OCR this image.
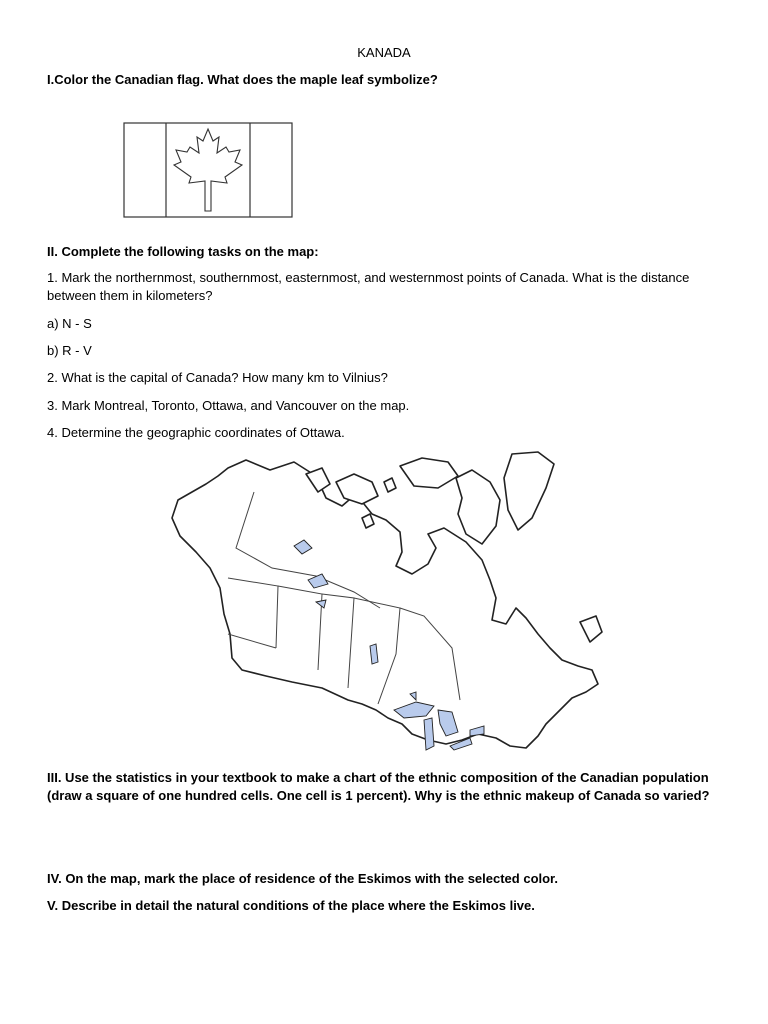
KANADA
I.Color the Canadian flag. What does the maple leaf symbolize?
II. Complete the following tasks on the map:
1. Mark the northernmost, southernmost, easternmost, and westernmost points of Canada. What is the distance between them in kilometers?
a) N - S
b) R - V
2. What is the capital of Canada? How many km to Vilnius?
3. Mark Montreal, Toronto, Ottawa, and Vancouver on the map.
4. Determine the geographic coordinates of Ottawa.
III. Use the statistics in your textbook to make a chart of the ethnic composition of the Canadian population (draw a square of one hundred cells. One cell is 1 percent). Why is the ethnic makeup of Canada so varied?
IV. On the map, mark the place of residence of the Eskimos with the selected color.
V. Describe in detail the natural conditions of the place where the Eskimos live.
